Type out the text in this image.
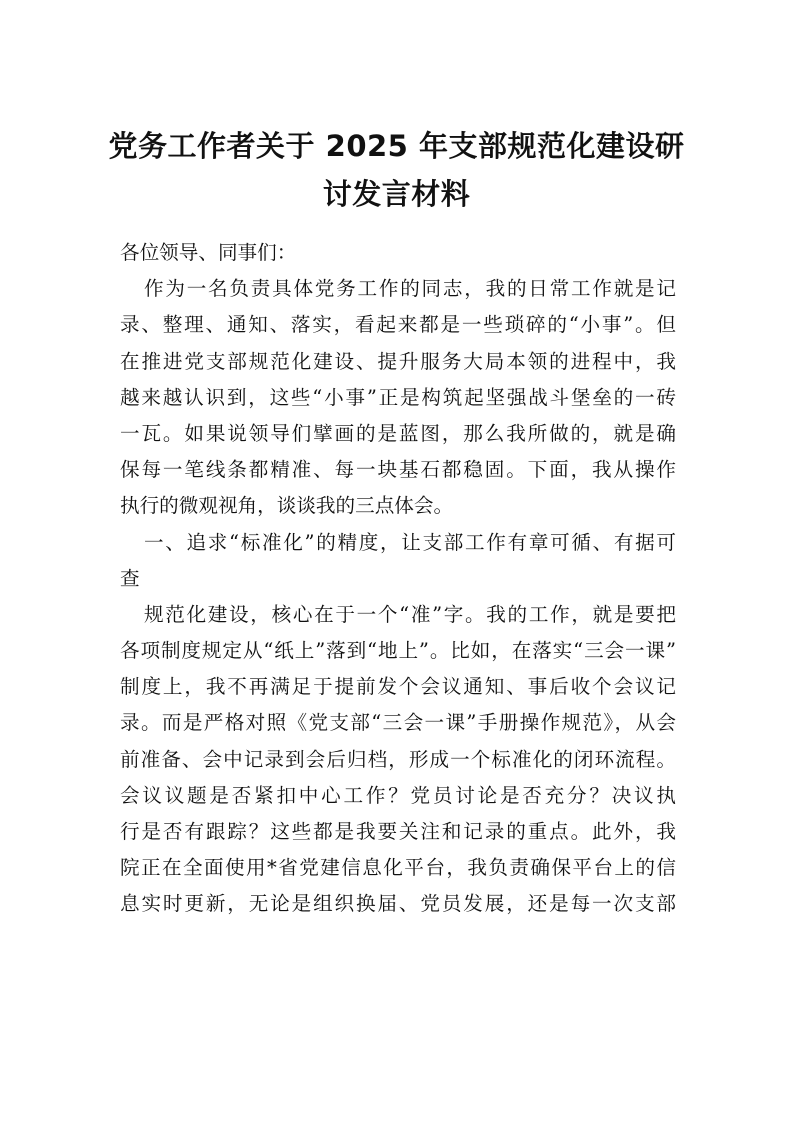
党务工作者关于 2025 年支部规范化建设研
讨发言材料
各位领导、同事们：
作为一名负责具体党务工作的同志，我的日常工作就是记
录、整理、通知、落实，看起来都是一些琐碎的“小事”。但
在推进党支部规范化建设、提升服务大局本领的进程中，我
越来越认识到，这些“小事”正是构筑起坚强战斗堡垒的一砖
一瓦。如果说领导们擘画的是蓝图，那么我所做的，就是确
保每一笔线条都精准、每一块基石都稳固。下面，我从操作
执行的微观视角，谈谈我的三点体会。
一、追求“标准化”的精度，让支部工作有章可循、有据可
查
规范化建设，核心在于一个“准”字。我的工作，就是要把
各项制度规定从“纸上”落到“地上”。比如，在落实“三会一课”
制度上，我不再满足于提前发个会议通知、事后收个会议记
录。而是严格对照《党支部“三会一课”手册操作规范》，从会
前准备、会中记录到会后归档，形成一个标准化的闭环流程。
会议议题是否紧扣中心工作？党员讨论是否充分？决议执
行是否有跟踪？这些都是我要关注和记录的重点。此外，我
院正在全面使用*省党建信息化平台，我负责确保平台上的信
息实时更新，无论是组织换届、党员发展，还是每一次支部
